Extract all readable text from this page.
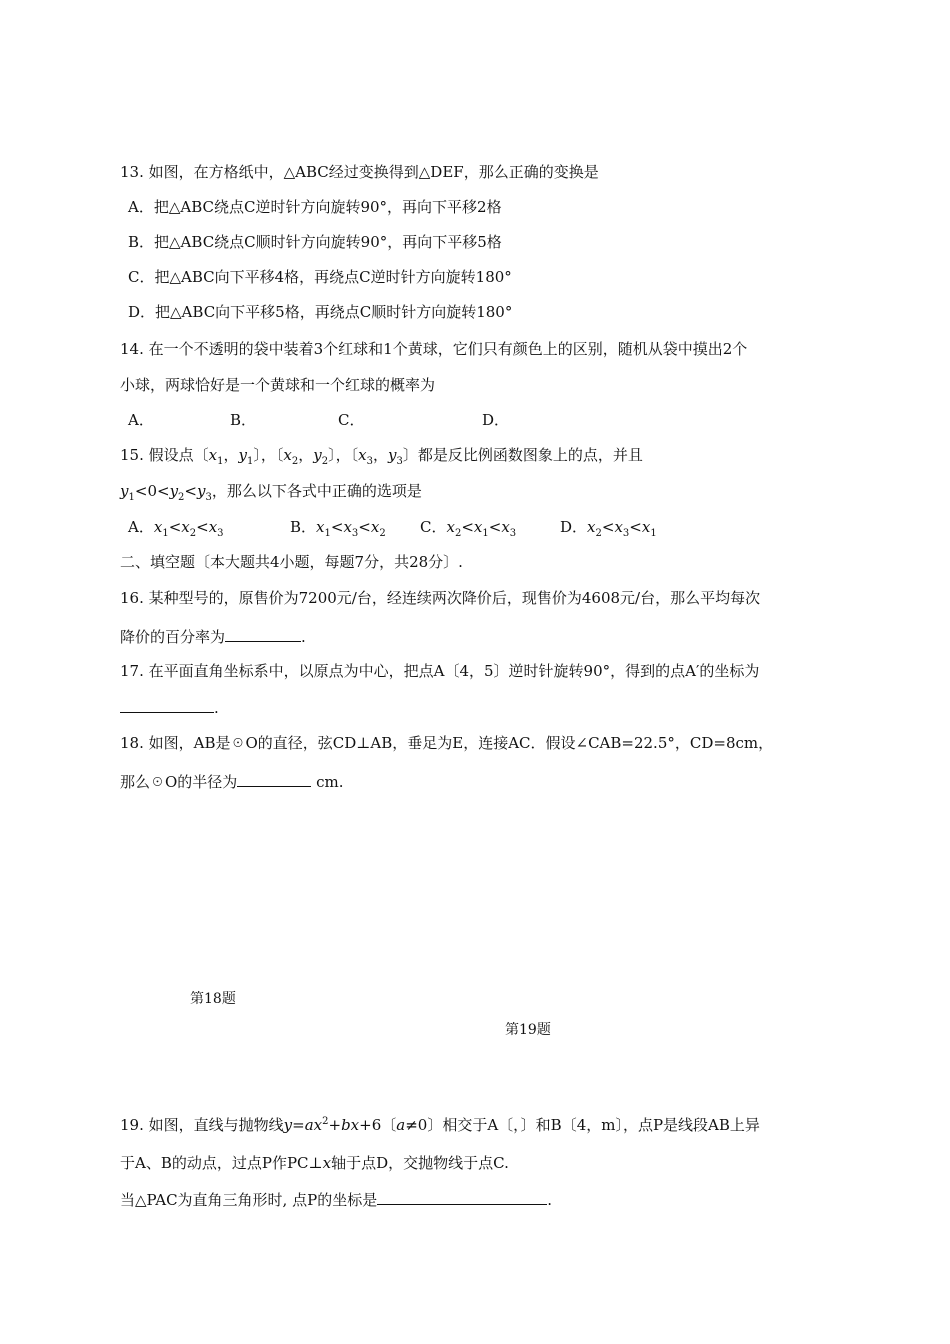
13. 如图，在方格纸中，△ABC经过变换得到△DEF，那么正确的变换是
A．把△ABC绕点C逆时针方向旋转90°，再向下平移2格
B．把△ABC绕点C顺时针方向旋转90°，再向下平移5格
C．把△ABC向下平移4格，再绕点C逆时针方向旋转180°
D．把△ABC向下平移5格，再绕点C顺时针方向旋转180°
14. 在一个不透明的袋中装着3个红球和1个黄球，它们只有颜色上的区别，随机从袋中摸出2个
小球，两球恰好是一个黄球和一个红球的概率为
A．	B．	C．	D．
15. 假设点〔$x_1$，$y_1$〕，〔$x_2$，$y_2$〕，〔$x_3$，$y_3$〕都是反比例函数图象上的点，并且
$y_1<0<y_2<y_3$，那么以下各式中正确的选项是
A．$x_1<x_2<x_3$	B．$x_1<x_3<x_2$ C．$x_2<x_1<x_3$	D．$x_2<x_3<x_1$
二、填空题〔本大题共4小题，每题7分，共28分〕.
16. 某种型号的，原售价为7200元/台，经连续两次降价后，现售价为4608元/台，那么平均每次
降价的百分率为	.
17. 在平面直角坐标系中，以原点为中心，把点A〔4，5〕逆时针旋转90°，得到的点A′的坐标为
.
18. 如图，AB是☉O的直径，弦CD⊥AB，垂足为E，连接AC．假设∠CAB=22.5°，CD=8cm，
那么☉O的半径为	cm.
第18题
第19题
19. 如图，直线与抛物线$y=ax^2+bx+6$〔a≠0〕相交于A〔，〕和B〔4，m〕，点P是线段AB上异
于A、B的动点，过点P作PC⊥x轴于点D，交抛物线于点C.
当△PAC为直角三角形时, 点P的坐标是	.
